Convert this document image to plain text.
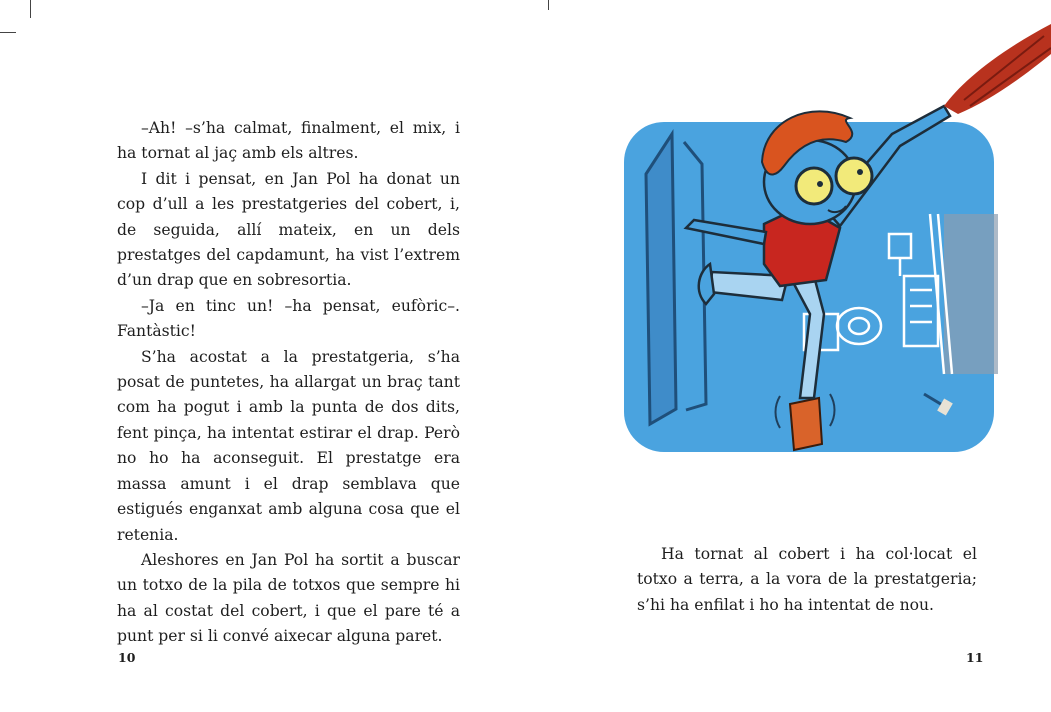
–Ah! –s’ha calmat, finalment, el mix, i ha tornat al jaç amb els altres.

I dit i pensat, en Jan Pol ha donat un cop d’ull a les prestatgeries del cobert, i, de seguida, allí mateix, en un dels prestatges del capdamunt, ha vist l’extrem d’un drap que en sobresortia.

–Ja en tinc un! –ha pensat, eufòric–. Fantàstic!

S’ha acostat a la prestatgeria, s’ha posat de puntetes, ha allargat un braç tant com ha pogut i amb la punta de dos dits, fent pinça, ha intentat estirar el drap. Però no ho ha aconseguit. El prestatge era massa amunt i el drap semblava que estigués enganxat amb alguna cosa que el retenia.

Aleshores en Jan Pol ha sortit a buscar un totxo de la pila de totxos que sempre hi ha al costat del cobert, i que el pare té a punt per si li convé aixecar alguna paret.

10

Ha tornat al cobert i ha col·locat el totxo a terra, a la vora de la prestatgeria; s’hi ha enfilat i ho ha intentat de nou.

11
